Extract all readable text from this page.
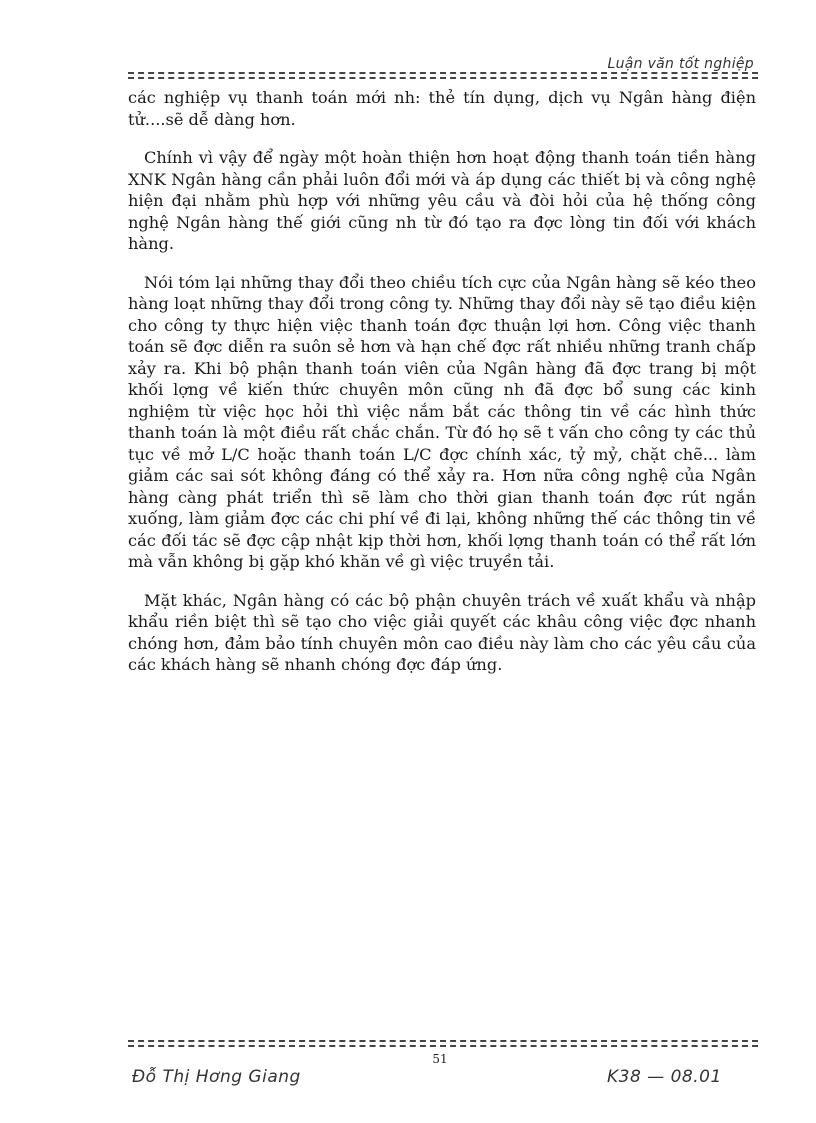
Luận văn tốt nghiệp

các nghiệp vụ thanh toán mới nh: thẻ tín dụng, dịch vụ Ngân hàng điện tử....sẽ dễ dàng hơn.

Chính vì vậy để ngày một hoàn thiện hơn hoạt động thanh toán tiền hàng XNK Ngân hàng cần phải luôn đổi mới và áp dụng các thiết bị và công nghệ hiện đại nhằm phù hợp với những yêu cầu và đòi hỏi của hệ thống công nghệ Ngân hàng thế giới cũng nh từ đó tạo ra đợc lòng tin đối với khách hàng.

Nói tóm lại những thay đổi theo chiều tích cực của Ngân hàng sẽ kéo theo hàng loạt những thay đổi trong công ty. Những thay đổi này sẽ tạo điều kiện cho công ty thực hiện việc thanh toán đợc thuận lợi hơn. Công việc thanh toán sẽ đợc diễn ra suôn sẻ hơn và hạn chế đợc rất nhiều những tranh chấp xảy ra. Khi bộ phận thanh toán viên của Ngân hàng đã đợc trang bị một khối lợng về kiến thức chuyên môn cũng nh đã đợc bổ sung các kinh nghiệm từ việc học hỏi thì việc nắm bắt các thông tin về các hình thức thanh toán là một điều rất chắc chắn. Từ đó họ sẽ t vấn cho công ty các thủ tục về mở L/C hoặc thanh toán L/C đợc chính xác, tỷ mỷ, chặt chẽ... làm giảm các sai sót không đáng có thể xảy ra. Hơn nữa công nghệ của Ngân hàng càng phát triển thì sẽ làm cho thời gian thanh toán đợc rút ngắn xuống, làm giảm đợc các chi phí về đi lại, không những thế các thông tin về các đối tác sẽ đợc cập nhật kịp thời hơn, khối lợng thanh toán có thể rất lớn mà vẫn không bị gặp khó khăn về gì việc truyền tải.

Mặt khác, Ngân hàng có các bộ phận chuyên trách về xuất khẩu và nhập khẩu riền biệt thì sẽ tạo cho việc giải quyết các khâu công việc đợc nhanh chóng hơn, đảm bảo tính chuyên môn cao điều này làm cho các yêu cầu của các khách hàng sẽ nhanh chóng đợc đáp ứng.

51
Đỗ Thị Hơng Giang	K38 — 08.01
